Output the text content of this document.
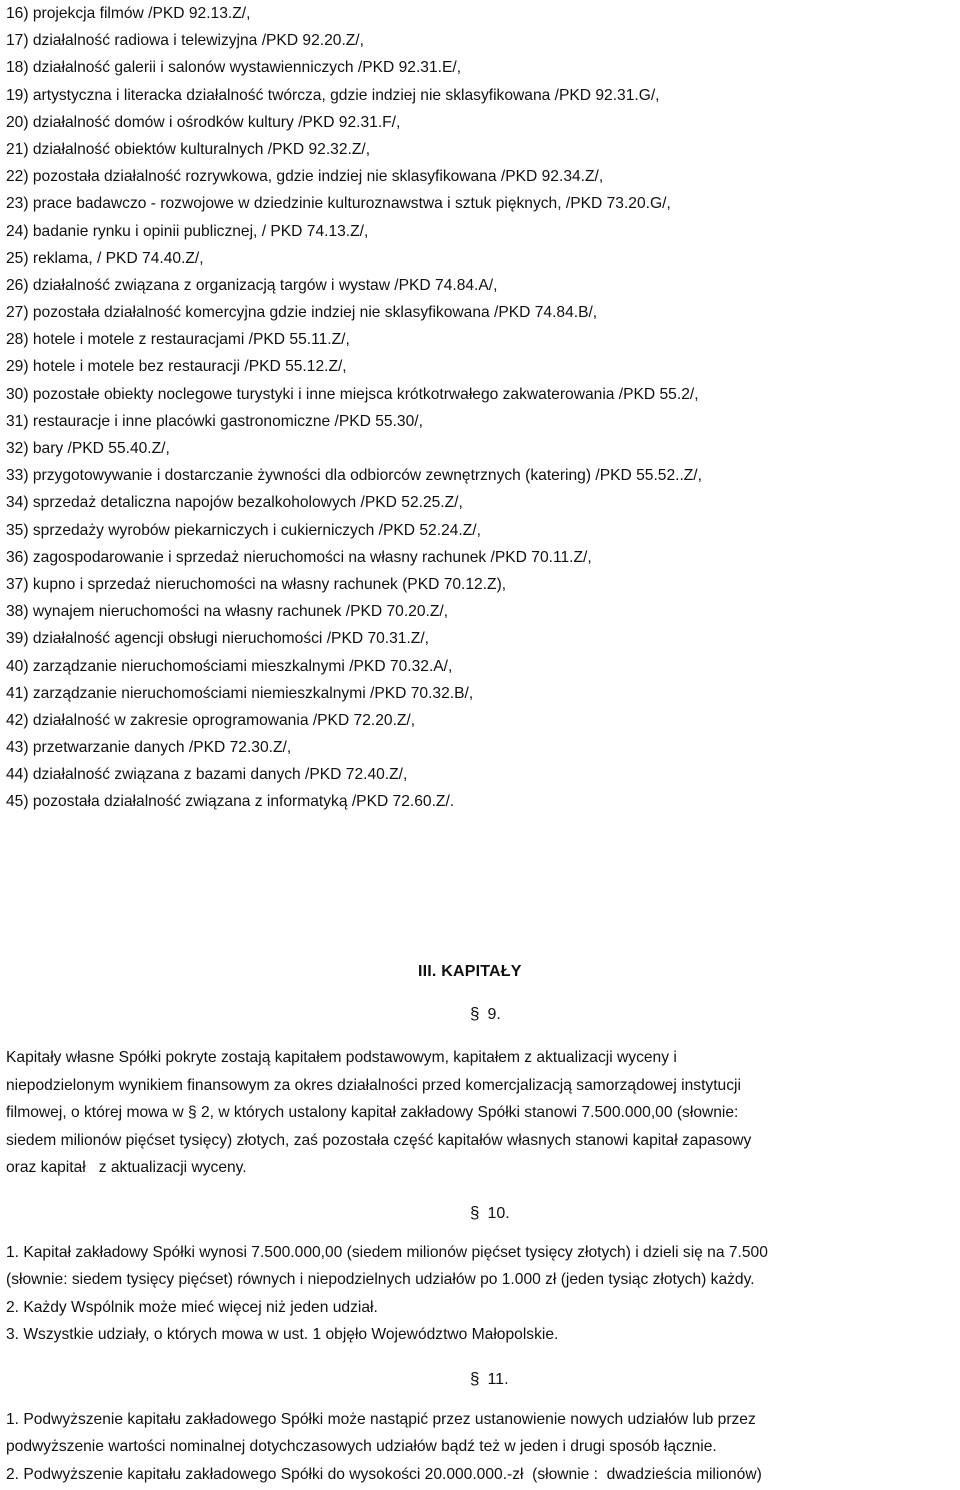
16) projekcja filmów /PKD 92.13.Z/,
17) działalność radiowa i telewizyjna /PKD 92.20.Z/,
18) działalność galerii i salonów wystawienniczych /PKD 92.31.E/,
19) artystyczna i literacka działalność twórcza, gdzie indziej nie sklasyfikowana /PKD 92.31.G/,
20) działalność domów i ośrodków kultury /PKD 92.31.F/,
21) działalność obiektów kulturalnych /PKD 92.32.Z/,
22) pozostała działalność rozrywkowa, gdzie indziej nie sklasyfikowana /PKD 92.34.Z/,
23) prace badawczo - rozwojowe w dziedzinie kulturoznawstwa i sztuk pięknych, /PKD 73.20.G/,
24) badanie rynku i opinii publicznej, / PKD 74.13.Z/,
25) reklama, / PKD 74.40.Z/,
26) działalność związana z organizacją targów i wystaw /PKD 74.84.A/,
27) pozostała działalność komercyjna gdzie indziej nie sklasyfikowana /PKD 74.84.B/,
28) hotele i motele z restauracjami /PKD 55.11.Z/,
29) hotele i motele bez restauracji /PKD 55.12.Z/,
30) pozostałe obiekty noclegowe turystyki i inne miejsca krótkotrwałego zakwaterowania /PKD 55.2/,
31) restauracje i inne placówki gastronomiczne /PKD 55.30/,
32) bary /PKD 55.40.Z/,
33) przygotowywanie i dostarczanie żywności dla odbiorców zewnętrznych (katering) /PKD 55.52..Z/,
34) sprzedaż detaliczna napojów bezalkoholowych /PKD 52.25.Z/,
35) sprzedaży wyrobów piekarniczych i cukierniczych /PKD 52.24.Z/,
36) zagospodarowanie i sprzedaż nieruchomości na własny rachunek /PKD 70.11.Z/,
37) kupno i sprzedaż nieruchomości na własny rachunek (PKD 70.12.Z),
38) wynajem nieruchomości na własny rachunek /PKD 70.20.Z/,
39) działalność agencji obsługi nieruchomości /PKD 70.31.Z/,
40) zarządzanie nieruchomościami mieszkalnymi /PKD 70.32.A/,
41) zarządzanie nieruchomościami niemieszkalnymi /PKD 70.32.B/,
42) działalność w zakresie oprogramowania /PKD 72.20.Z/,
43) przetwarzanie danych /PKD 72.30.Z/,
44) działalność związana z bazami danych /PKD 72.40.Z/,
45) pozostała działalność związana z informatyką /PKD 72.60.Z/.
III. KAPITAŁY
§ 9.
Kapitały własne Spółki pokryte zostają kapitałem podstawowym, kapitałem z aktualizacji wyceny i
niepodzielonym wynikiem finansowym za okres działalności przed komercjalizacją samorządowej instytucji
filmowej, o której mowa w § 2, w których ustalony kapitał zakładowy Spółki stanowi 7.500.000,00 (słownie:
siedem milionów pięćset tysięcy) złotych, zaś pozostała część kapitałów własnych stanowi kapitał zapasowy
oraz kapitał   z aktualizacji wyceny.
§ 10.
1. Kapitał zakładowy Spółki wynosi 7.500.000,00 (siedem milionów pięćset tysięcy złotych) i dzieli się na 7.500
(słownie: siedem tysięcy pięćset) równych i niepodzielnych udziałów po 1.000 zł (jeden tysiąc złotych) każdy.
2. Każdy Wspólnik może mieć więcej niż jeden udział.
3. Wszystkie udziały, o których mowa w ust. 1 objęło Województwo Małopolskie.
§ 11.
1. Podwyższenie kapitału zakładowego Spółki może nastąpić przez ustanowienie nowych udziałów lub przez
podwyższenie wartości nominalnej dotychczasowych udziałów bądź też w jeden i drugi sposób łącznie.
2. Podwyższenie kapitału zakładowego Spółki do wysokości 20.000.000.-zł  (słownie :  dwadzieścia milionów)
